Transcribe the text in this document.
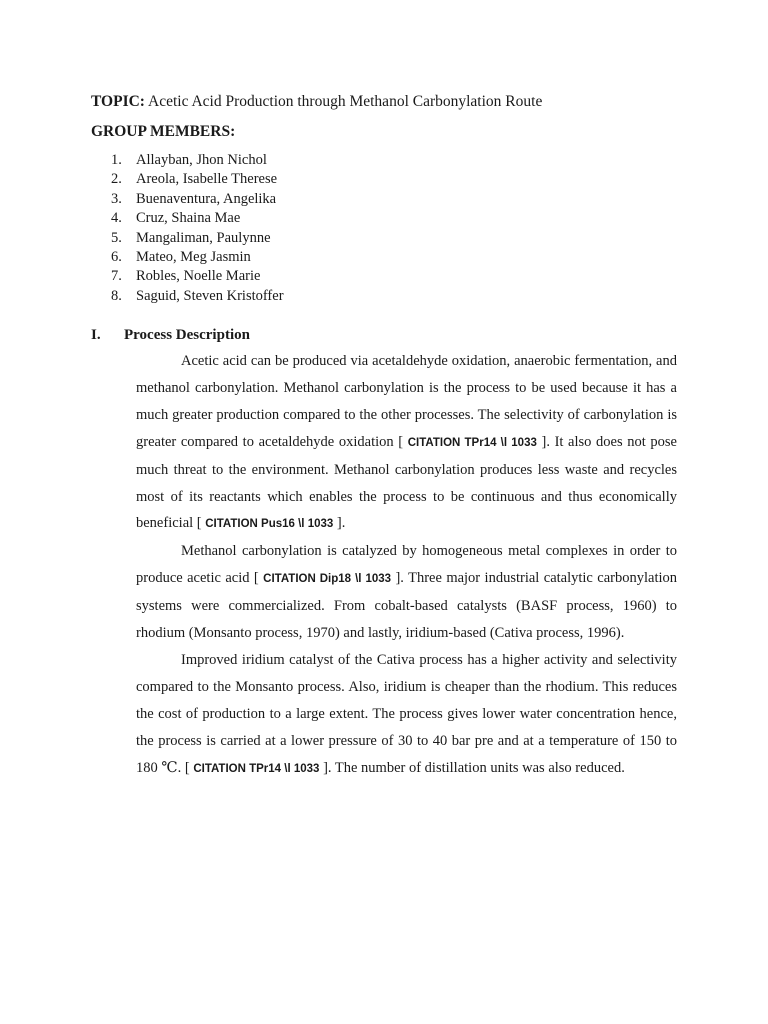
TOPIC: Acetic Acid Production through Methanol Carbonylation Route
GROUP MEMBERS:
1. Allayban, Jhon Nichol
2. Areola, Isabelle Therese
3. Buenaventura, Angelika
4. Cruz, Shaina Mae
5. Mangaliman, Paulynne
6. Mateo, Meg Jasmin
7. Robles, Noelle Marie
8. Saguid, Steven Kristoffer
I. Process Description

Acetic acid can be produced via acetaldehyde oxidation, anaerobic fermentation, and methanol carbonylation. Methanol carbonylation is the process to be used because it has a much greater production compared to the other processes. The selectivity of carbonylation is greater compared to acetaldehyde oxidation [ CITATION TPr14 \l 1033 ]. It also does not pose much threat to the environment. Methanol carbonylation produces less waste and recycles most of its reactants which enables the process to be continuous and thus economically beneficial [ CITATION Pus16 \l 1033 ].

Methanol carbonylation is catalyzed by homogeneous metal complexes in order to produce acetic acid [ CITATION Dip18 \l 1033 ]. Three major industrial catalytic carbonylation systems were commercialized. From cobalt-based catalysts (BASF process, 1960) to rhodium (Monsanto process, 1970) and lastly, iridium-based (Cativa process, 1996).

Improved iridium catalyst of the Cativa process has a higher activity and selectivity compared to the Monsanto process. Also, iridium is cheaper than the rhodium. This reduces the cost of production to a large extent. The process gives lower water concentration hence, the process is carried at a lower pressure of 30 to 40 bar pre and at a temperature of 150 to 180 ℃. [ CITATION TPr14 \l 1033 ]. The number of distillation units was also reduced.
